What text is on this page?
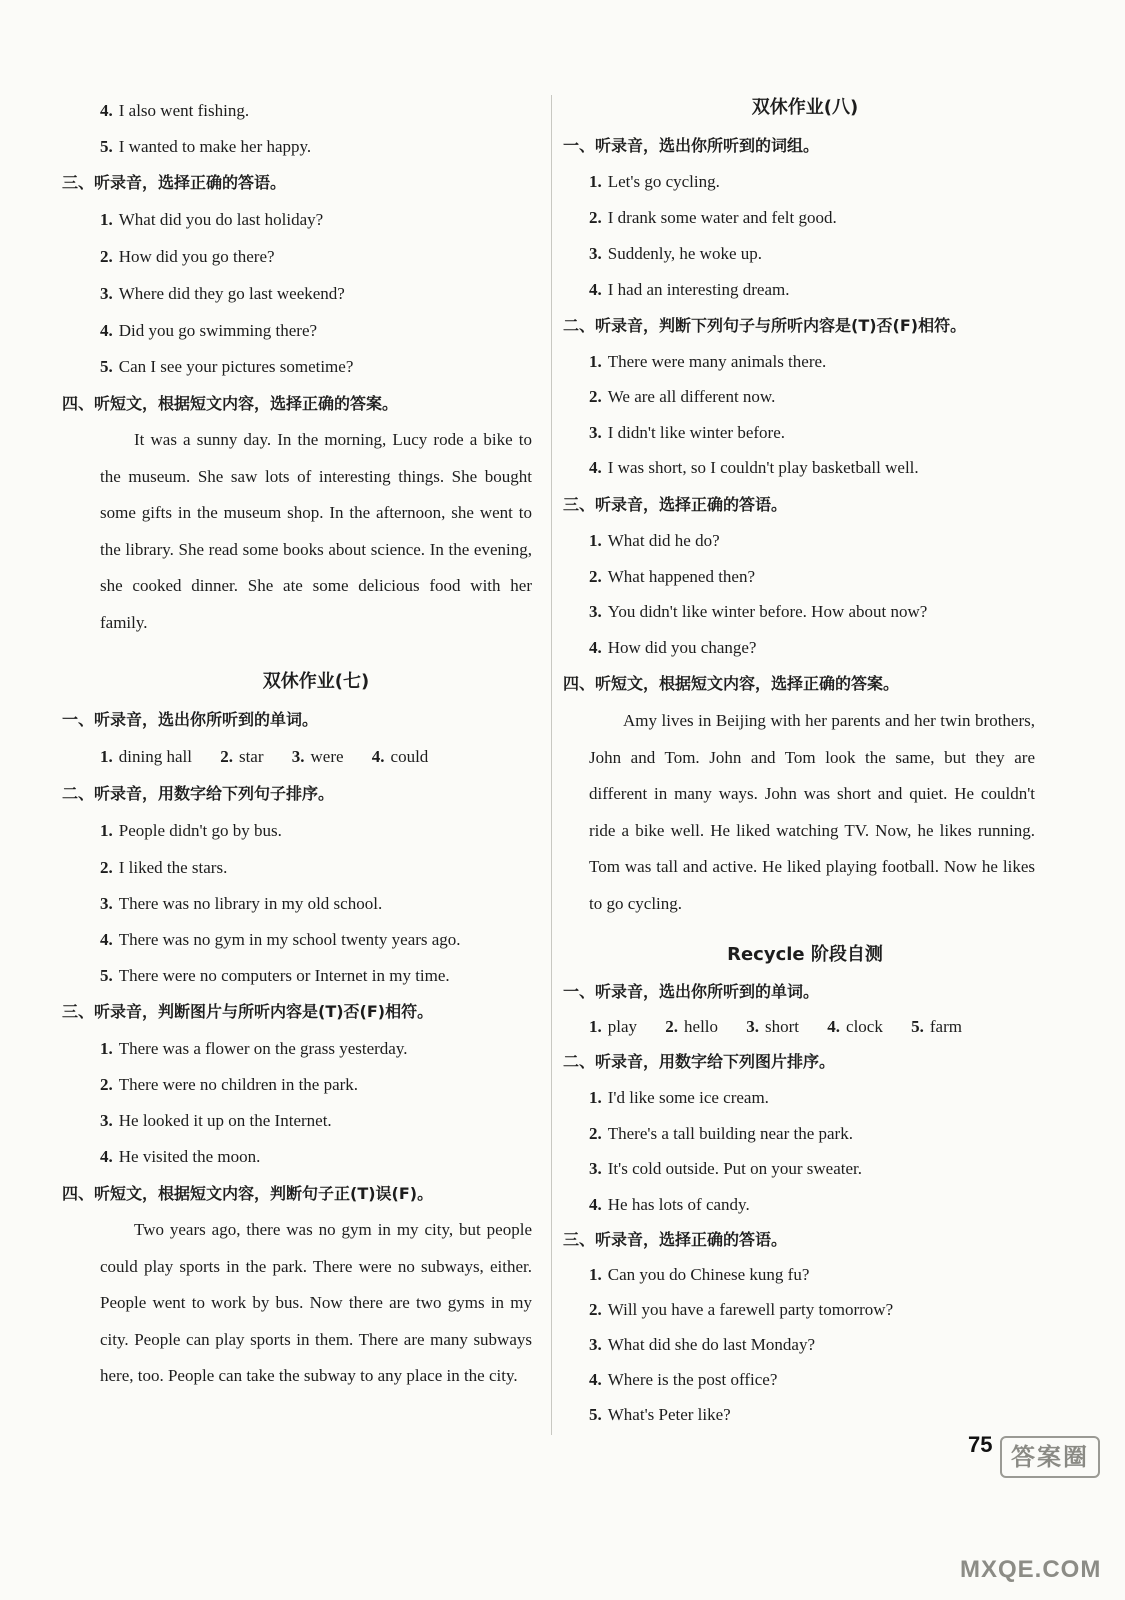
4. I also went fishing.
5. I wanted to make her happy.
三、听录音，选择正确的答语。
1. What did you do last holiday?
2. How did you go there?
3. Where did they go last weekend?
4. Did you go swimming there?
5. Can I see your pictures sometime?
四、听短文，根据短文内容，选择正确的答案。
It was a sunny day. In the morning, Lucy rode a bike to the museum. She saw lots of interesting things. She bought some gifts in the museum shop. In the afternoon, she went to the library. She read some books about science. In the evening, she cooked dinner. She ate some delicious food with her family.
双休作业(七)
一、听录音，选出你所听到的单词。
1. dining hall 2. star 3. were 4. could
二、听录音，用数字给下列句子排序。
1. People didn't go by bus.
2. I liked the stars.
3. There was no library in my old school.
4. There was no gym in my school twenty years ago.
5. There were no computers or Internet in my time.
三、听录音，判断图片与所听内容是(T)否(F)相符。
1. There was a flower on the grass yesterday.
2. There were no children in the park.
3. He looked it up on the Internet.
4. He visited the moon.
四、听短文，根据短文内容，判断句子正(T)误(F)。
Two years ago, there was no gym in my city, but people could play sports in the park. There were no subways, either. People went to work by bus. Now there are two gyms in my city. People can play sports in them. There are many subways here, too. People can take the subway to any place in the city.
双休作业(八)
一、听录音，选出你所听到的词组。
1. Let's go cycling.
2. I drank some water and felt good.
3. Suddenly, he woke up.
4. I had an interesting dream.
二、听录音，判断下列句子与所听内容是(T)否(F)相符。
1. There were many animals there.
2. We are all different now.
3. I didn't like winter before.
4. I was short, so I couldn't play basketball well.
三、听录音，选择正确的答语。
1. What did he do?
2. What happened then?
3. You didn't like winter before. How about now?
4. How did you change?
四、听短文，根据短文内容，选择正确的答案。
Amy lives in Beijing with her parents and her twin brothers, John and Tom. John and Tom look the same, but they are different in many ways. John was short and quiet. He couldn't ride a bike well. He liked watching TV. Now, he likes running. Tom was tall and active. He liked playing football. Now he likes to go cycling.
Recycle 阶段自测
一、听录音，选出你所听到的单词。
1. play 2. hello 3. short 4. clock 5. farm
二、听录音，用数字给下列图片排序。
1. I'd like some ice cream.
2. There's a tall building near the park.
3. It's cold outside. Put on your sweater.
4. He has lots of candy.
三、听录音，选择正确的答语。
1. Can you do Chinese kung fu?
2. Will you have a farewell party tomorrow?
3. What did she do last Monday?
4. Where is the post office?
5. What's Peter like?
75 答案圈
MXQE.COM
